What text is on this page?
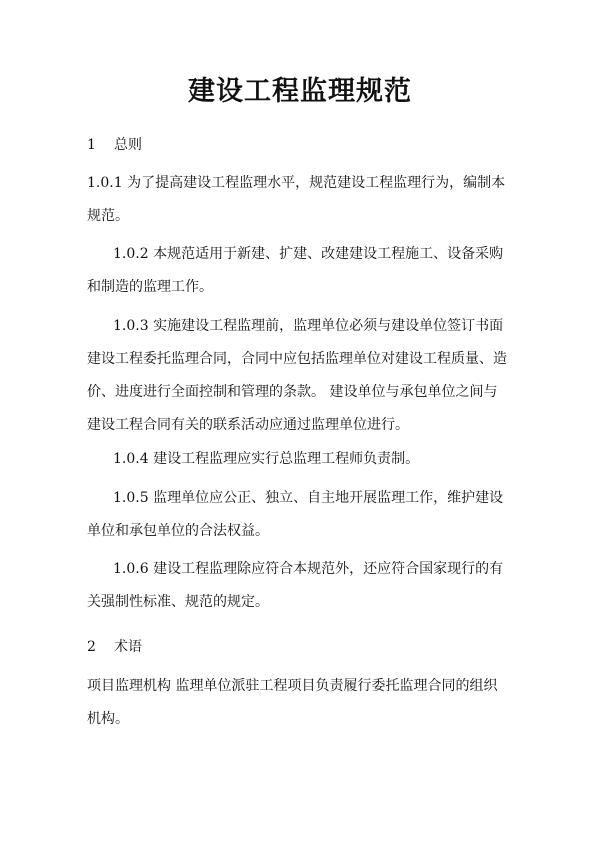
建设工程监理规范
1 总则
1.0.1 为了提高建设工程监理水平，规范建设工程监理行为，编制本
规范。
1.0.2 本规范适用于新建、扩建、改建建设工程施工、设备采购
和制造的监理工作。
1.0.3 实施建设工程监理前，监理单位必须与建设单位签订书面
建设工程委托监理合同，合同中应包括监理单位对建设工程质量、造
价、进度进行全面控制和管理的条款。 建设单位与承包单位之间与
建设工程合同有关的联系活动应通过监理单位进行。
1.0.4 建设工程监理应实行总监理工程师负责制。
1.0.5 监理单位应公正、独立、自主地开展监理工作，维护建设
单位和承包单位的合法权益。
1.0.6 建设工程监理除应符合本规范外，还应符合国家现行的有
关强制性标准、规范的规定。
2 术语
项目监理机构 监理单位派驻工程项目负责履行委托监理合同的组织
机构。
